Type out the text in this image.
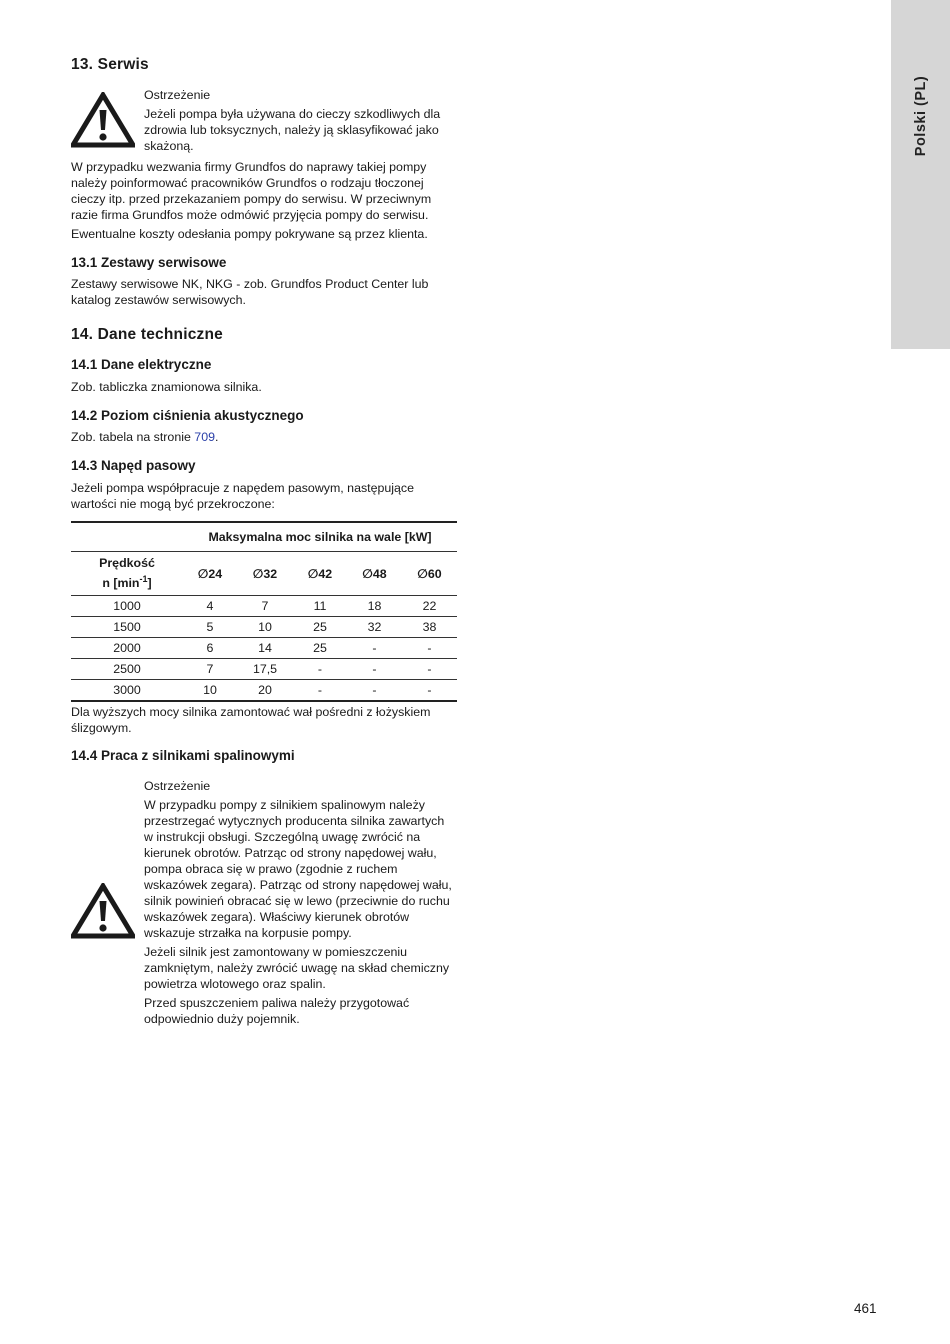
Polski (PL)
13. Serwis

Ostrzeżenie

Jeżeli pompa była używana do cieczy szkodliwych dla zdrowia lub toksycznych, należy ją sklasyfikować jako skażoną.

W przypadku wezwania firmy Grundfos do naprawy takiej pompy należy poinformować pracowników Grundfos o rodzaju tłoczonej cieczy itp. przed przekazaniem pompy do serwisu. W przeciwnym razie firma Grundfos może odmówić przyjęcia pompy do serwisu.

Ewentualne koszty odesłania pompy pokrywane są przez klienta.

13.1 Zestawy serwisowe

Zestawy serwisowe NK, NKG - zob. Grundfos Product Center lub katalog zestawów serwisowych.

14. Dane techniczne
14.1 Dane elektryczne

Zob. tabliczka znamionowa silnika.

14.2 Poziom ciśnienia akustycznego

Zob. tabela na stronie 709.

14.3 Napęd pasowy

Jeżeli pompa współpracuje z napędem pasowym, następujące wartości nie mogą być przekroczone:

	Maksymalna moc silnika na wale [kW]				
Prędkość
n $[\min^{-1}]$	∅24	∅32	∅42	∅48	∅60
1000	4	7	11	18	22
1500	5	10	25	32	38
2000	6	14	25	-	-
2500	7	17,5	-	-	-
3000	10	20	-	-	-

Dla wyższych mocy silnika zamontować wał pośredni z łożyskiem ślizgowym.

14.4 Praca z silnikami spalinowymi

Ostrzeżenie

W przypadku pompy z silnikiem spalinowym należy przestrzegać wytycznych producenta silnika zawartych w instrukcji obsługi. Szczególną uwagę zwrócić na kierunek obrotów. Patrząc od strony napędowej wału, pompa obraca się w prawo (zgodnie z ruchem wskazówek zegara). Patrząc od strony napędowej wału, silnik powinień obracać się w lewo (przeciwnie do ruchu wskazówek zegara). Właściwy kierunek obrotów wskazuje strzałka na korpusie pompy.

Jeżeli silnik jest zamontowany w pomieszczeniu zamkniętym, należy zwrócić uwagę na skład chemiczny powietrza wlotowego oraz spalin.

Przed spuszczeniem paliwa należy przygotować odpowiednio duży pojemnik.

461
